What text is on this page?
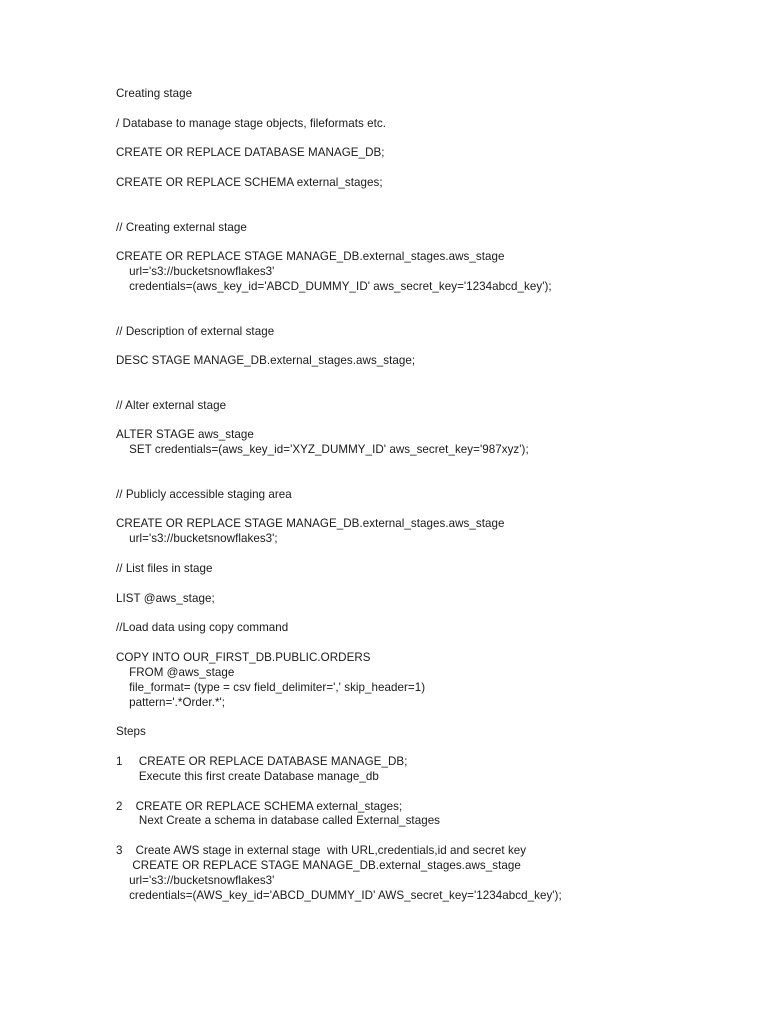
Creating stage
/ Database to manage stage objects, fileformats etc.
CREATE OR REPLACE DATABASE MANAGE_DB;
CREATE OR REPLACE SCHEMA external_stages;
// Creating external stage
CREATE OR REPLACE STAGE MANAGE_DB.external_stages.aws_stage
url='s3://bucketsnowflakes3'
credentials=(aws_key_id='ABCD_DUMMY_ID' aws_secret_key='1234abcd_key');
// Description of external stage
DESC STAGE MANAGE_DB.external_stages.aws_stage;
// Alter external stage
ALTER STAGE aws_stage
SET credentials=(aws_key_id='XYZ_DUMMY_ID' aws_secret_key='987xyz');
// Publicly accessible staging area
CREATE OR REPLACE STAGE MANAGE_DB.external_stages.aws_stage
url='s3://bucketsnowflakes3';
// List files in stage
LIST @aws_stage;
//Load data using copy command
COPY INTO OUR_FIRST_DB.PUBLIC.ORDERS
FROM @aws_stage
file_format= (type = csv field_delimiter=',' skip_header=1)
pattern='.*Order.*';
Steps
1     CREATE OR REPLACE DATABASE MANAGE_DB;
Execute this first create Database manage_db
2    CREATE OR REPLACE SCHEMA external_stages;
Next Create a schema in database called External_stages
3    Create AWS stage in external stage  with URL,credentials,id and secret key
CREATE OR REPLACE STAGE MANAGE_DB.external_stages.aws_stage
url='s3://bucketsnowflakes3'
credentials=(AWS_key_id='ABCD_DUMMY_ID' AWS_secret_key='1234abcd_key');
